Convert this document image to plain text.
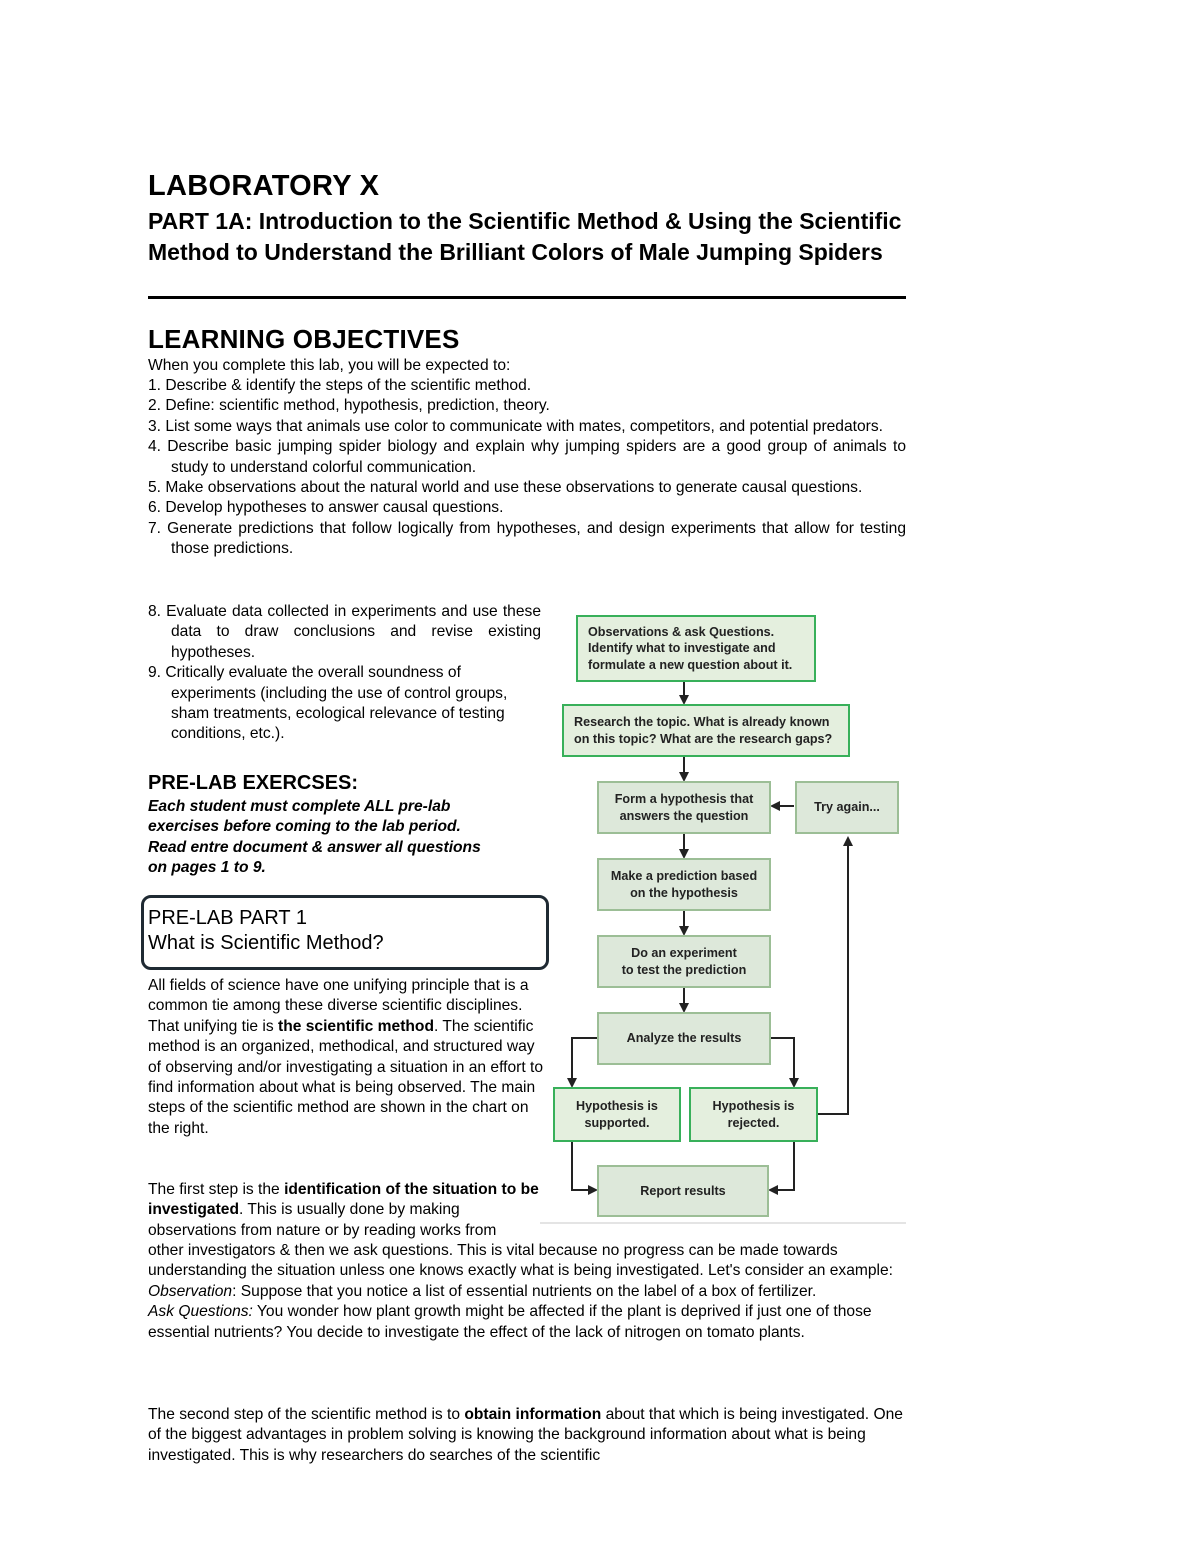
LABORATORY X
PART 1A: Introduction to the Scientific Method & Using the Scientific Method to Understand the Brilliant Colors of Male Jumping Spiders
LEARNING OBJECTIVES
When you complete this lab, you will be expected to:
1. Describe & identify the steps of the scientific method.
2. Define: scientific method, hypothesis, prediction, theory.
3. List some ways that animals use color to communicate with mates, competitors, and potential predators.
4. Describe basic jumping spider biology and explain why jumping spiders are a good group of animals to study to understand colorful communication.
5. Make observations about the natural world and use these observations to generate causal questions.
6. Develop hypotheses to answer causal questions.
7. Generate predictions that follow logically from hypotheses, and design experiments that allow for testing those predictions.
8. Evaluate data collected in experiments and use these data to draw conclusions and revise existing hypotheses.
9. Critically evaluate the overall soundness of experiments (including the use of control groups, sham treatments, ecological relevance of testing conditions, etc.).
PRE-LAB EXERCSES:
Each student must complete ALL pre-lab
exercises before coming to the lab period.
Read entre document & answer all questions
on pages 1 to 9.
PRE-LAB PART 1
What is Scientific Method?
All fields of science have one unifying principle that is a common tie among these diverse scientific disciplines. That unifying tie is the scientific method. The scientific method is an organized, methodical, and structured way of observing and/or investigating a situation in an effort to find information about what is being observed. The main steps of the scientific method are shown in the chart on the right.
The first step is the identification of the situation to be investigated. This is usually done by making observations from nature or by reading works from
other investigators & then we ask questions. This is vital because no progress can be made towards understanding the situation unless one knows exactly what is being investigated. Let's consider an example:
Observation: Suppose that you notice a list of essential nutrients on the label of a box of fertilizer.
Ask Questions: You wonder how plant growth might be affected if the plant is deprived if just one of those essential nutrients? You decide to investigate the effect of the lack of nitrogen on tomato plants.
The second step of the scientific method is to obtain information about that which is being investigated. One of the biggest advantages in problem solving is knowing the background information about what is being investigated. This is why researchers do searches of the scientific
Observations & ask Questions.
Identify what to investigate and
formulate a new question about it.
Research the topic. What is already known
on this topic? What are the research gaps?
Form a hypothesis that
answers the question
Try again...
Make a prediction based
on the hypothesis
Do an experiment
to test the prediction
Analyze the results
Hypothesis is
supported.
Hypothesis is
rejected.
Report results
